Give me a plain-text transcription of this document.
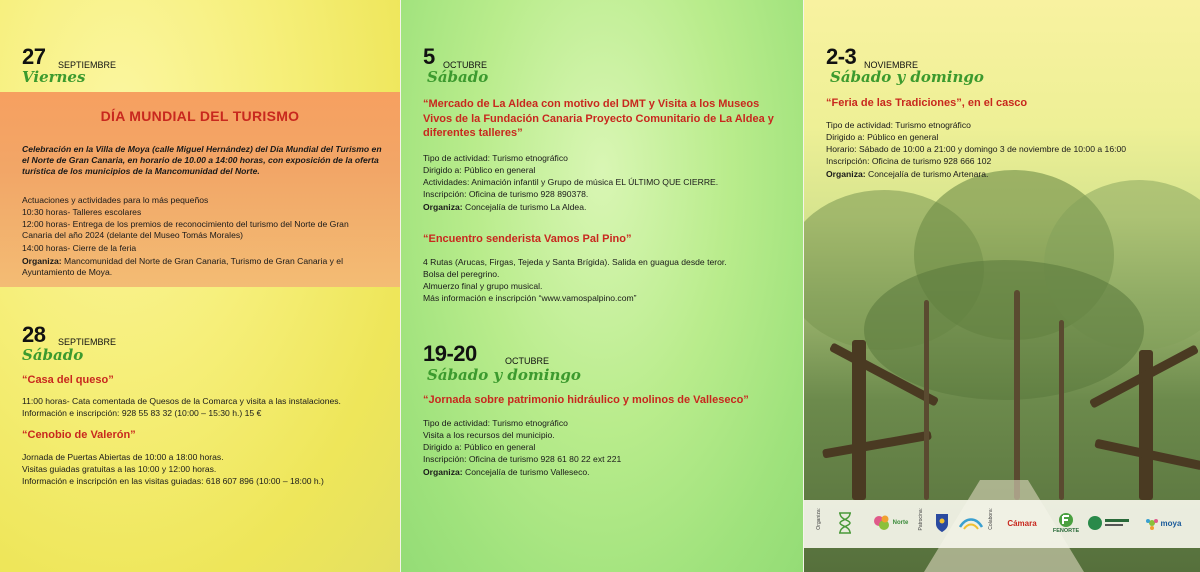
27 SEPTIEMBRE
Viernes
DÍA MUNDIAL DEL TURISMO
Celebración en la Villa de Moya (calle Miguel Hernández) del Día Mundial del Turismo en el Norte de Gran Canaria, en horario de 10.00 a 14:00 horas, con exposición de la oferta turística de los municipios de la Mancomunidad del Norte.
Actuaciones y actividades para lo más pequeños
10:30 horas- Talleres escolares
12:00 horas- Entrega de los premios de reconocimiento del turismo del Norte de Gran Canaria del año 2024 (delante del Museo Tomás Morales)
14:00 horas- Cierre de la feria
Organiza: Mancomunidad del Norte de Gran Canaria, Turismo de Gran Canaria y el Ayuntamiento de Moya.
28 SEPTIEMBRE
Sábado
“Casa del queso”
11:00 horas- Cata comentada de Quesos de la Comarca y visita a las instalaciones.
Información e inscripción: 928 55 83 32 (10:00 – 15:30 h.) 15 €
“Cenobio de Valerón”
Jornada de Puertas Abiertas de 10:00 a 18:00 horas.
Visitas guiadas gratuitas a las 10:00 y 12:00 horas.
Información e inscripción en las visitas guiadas: 618 607 896 (10:00 – 18:00 h.)
5 OCTUBRE
Sábado
“Mercado de La Aldea con motivo del DMT y Visita a los Museos Vivos de la Fundación Canaria Proyecto Comunitario de La Aldea y diferentes talleres”
Tipo de actividad: Turismo etnográfico
Dirigido a: Público en general
Actividades: Animación infantil y Grupo de música EL ÚLTIMO QUE CIERRE.
Inscripción: Oficina de turismo 928 890378.
Organiza: Concejalía de turismo La Aldea.
“Encuentro senderista Vamos Pal Pino”
4 Rutas (Arucas, Firgas, Tejeda y Santa Brígida). Salida en guagua desde teror.
Bolsa del peregrino.
Almuerzo final y grupo musical.
Más información e inscripción “www.vamospalpino.com”
19-20	OCTUBRE
Sábado y domingo
“Jornada sobre patrimonio hidráulico y molinos de Valleseco”
Tipo de actividad: Turismo etnográfico
Visita a los recursos del municipio.
Dirigido a: Público en general
Inscripción: Oficina de turismo 928 61 80 22 ext 221
Organiza: Concejalía de turismo Valleseco.
2-3 NOVIEMBRE
Sábado y domingo
“Feria de las Tradiciones”, en el casco
Tipo de actividad: Turismo etnográfico
Dirigido a: Público en general
Horario: Sábado de 10:00 a 21:00 y domingo 3 de noviembre de 10:00 a 16:00
Inscripción: Oficina de turismo 928 666 102
Organiza: Concejalía de turismo Artenara.
Organiza:	Norte Patrocina:	Colabora:	Cámara
FENORTE
moya
